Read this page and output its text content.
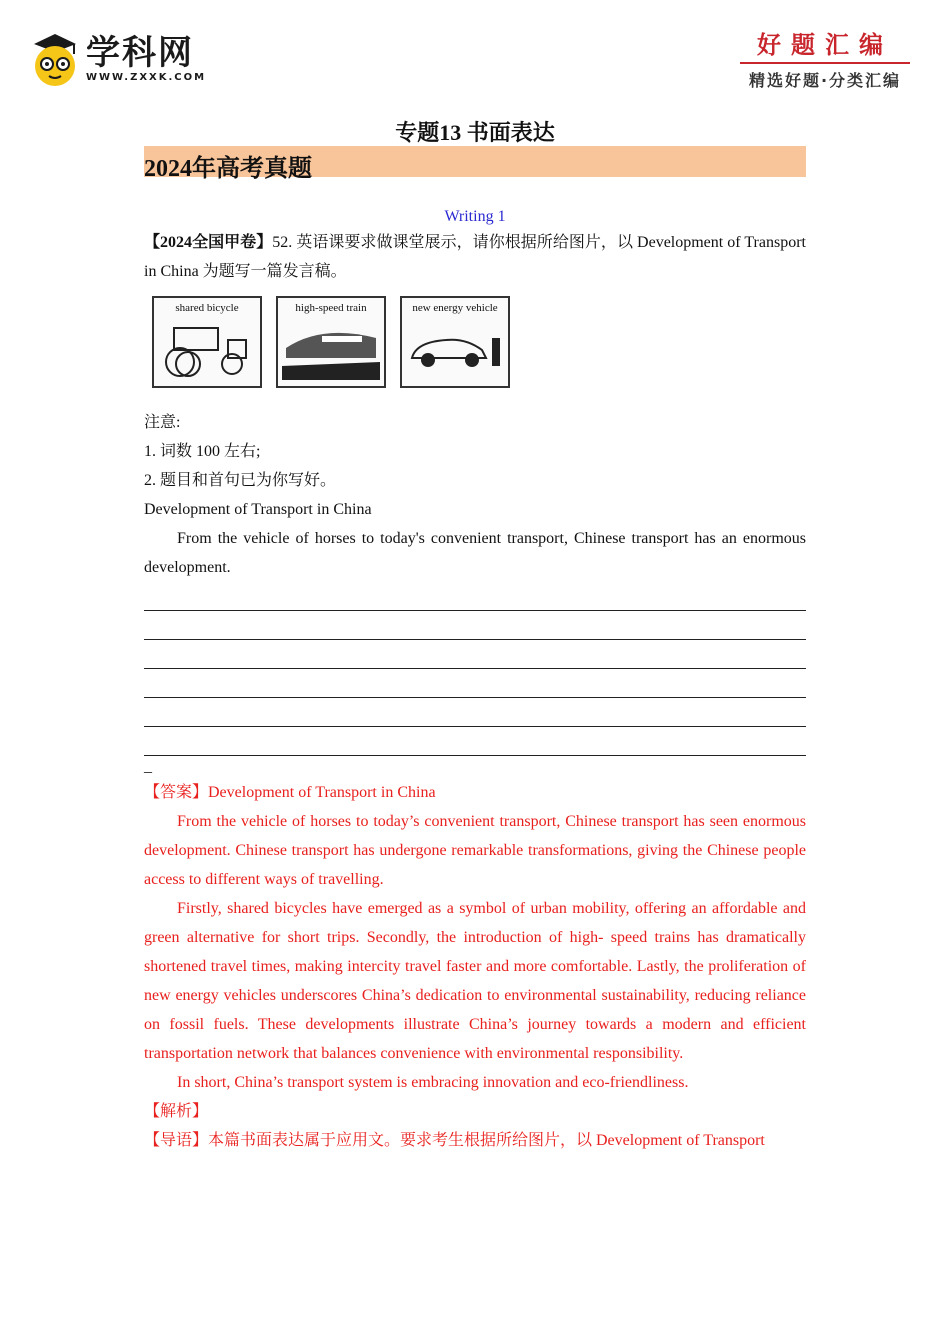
学科网
WWW.ZXXK.COM
好题汇编
精选好题·分类汇编
专题13 书面表达
2024年高考真题
Writing 1
【2024全国甲卷】52. 英语课要求做课堂展示，请你根据所给图片，以 Development of Transport in China 为题写一篇发言稿。
shared bicycle	high-speed train	new energy vehicle
注意:
1. 词数 100 左右;
2. 题目和首句已为你写好。
Development of Transport in China
From the vehicle of horses to today's convenient transport, Chinese transport has an enormous development.
_
【答案】Development of Transport in China
From the vehicle of horses to today’s convenient transport, Chinese transport has seen enormous development. Chinese transport has undergone remarkable transformations, giving the Chinese people access to different ways of travelling.
Firstly, shared bicycles have emerged as a symbol of urban mobility, offering an affordable and green alternative for short trips. Secondly, the introduction of high- speed trains has dramatically shortened travel times, making intercity travel faster and more comfortable. Lastly, the proliferation of new energy vehicles underscores China’s dedication to environmental sustainability, reducing reliance on fossil fuels. These developments illustrate China’s journey towards a modern and efficient transportation network that balances convenience with environmental responsibility.
In short, China’s transport system is embracing innovation and eco-friendliness.
【解析】
【导语】本篇书面表达属于应用文。要求考生根据所给图片，以 Development of Transport
